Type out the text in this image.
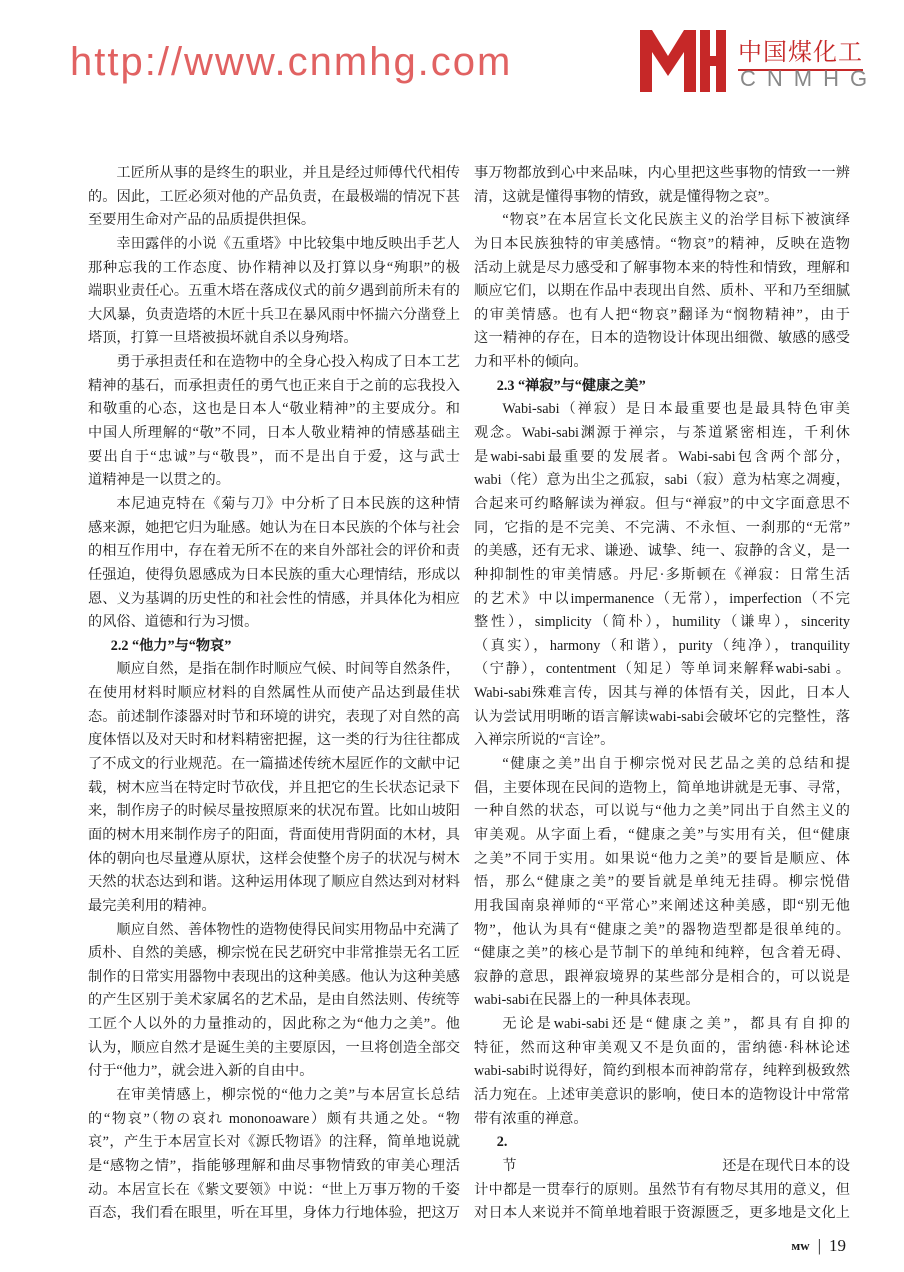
工匠所从事的是终生的职业，并且是经过师傅代代相传
的。因此，工匠必须对他的产品负责，在最极端的情况下甚
至要用生命对产品的品质提供担保。
幸田露伴的小说《五重塔》中比较集中地反映出手艺人
那种忘我的工作态度、协作精神以及打算以身“殉职”的极
端职业责任心。五重木塔在落成仪式的前夕遇到前所未有的
大风暴，负责造塔的木匠十兵卫在暴风雨中怀揣六分凿登上
塔顶，打算一旦塔被损坏就自杀以身殉塔。
勇于承担责任和在造物中的全身心投入构成了日本工艺
精神的基石，而承担责任的勇气也正来自于之前的忘我投入
和敬重的心态，这也是日本人“敬业精神”的主要成分。和
中国人所理解的“敬”不同，日本人敬业精神的情感基础主
要出自于“忠诚”与“敬畏”，而不是出自于爱，这与武士
道精神是一以贯之的。
本尼迪克特在《菊与刀》中分析了日本民族的这种情
感来源，她把它归为耻感。她认为在日本民族的个体与社会
的相互作用中，存在着无所不在的来自外部社会的评价和责
任强迫，使得负恩感成为日本民族的重大心理情结，形成以
恩、义为基调的历史性的和社会性的情感，并具体化为相应
的风俗、道德和行为习惯。
2.2 “他力”与“物哀”
顺应自然，是指在制作时顺应气候、时间等自然条件，
在使用材料时顺应材料的自然属性从而使产品达到最佳状
态。前述制作漆器对时节和环境的讲究，表现了对自然的高
度体悟以及对天时和材料精密把握，这一类的行为往往都成
了不成文的行业规范。在一篇描述传统木屋匠作的文献中记
载，树木应当在特定时节砍伐，并且把它的生长状态记录下
来，制作房子的时候尽量按照原来的状况布置。比如山坡阳
面的树木用来制作房子的阳面，背面使用背阴面的木材，具
体的朝向也尽量遵从原状，这样会使整个房子的状况与树木
天然的状态达到和谐。这种运用体现了顺应自然达到对材料
最完美利用的精神。
顺应自然、善体物性的造物使得民间实用物品中充满了
质朴、自然的美感，柳宗悦在民艺研究中非常推崇无名工匠
制作的日常实用器物中表现出的这种美感。他认为这种美感
的产生区别于美术家属名的艺术品，是由自然法则、传统等
工匠个人以外的力量推动的，因此称之为“他力之美”。他
认为，顺应自然才是诞生美的主要原因，一旦将创造全部交
付于“他力”，就会进入新的自由中。
在审美情感上，柳宗悦的“他力之美”与本居宣长总结
的“物哀”（物の哀れ mononoaware）颇有共通之处。“物
哀”，产生于本居宣长对《源氏物语》的注释，简单地说就
是“感物之情”，指能够理解和曲尽事物情致的审美心理活
动。本居宣长在《紫文要领》中说：“世上万事万物的千姿
百态，我们看在眼里，听在耳里，身体力行地体验，把这万
事万物都放到心中来品味，内心里把这些事物的情致一一辨
清，这就是懂得事物的情致，就是懂得物之哀”。
“物哀”在本居宣长文化民族主义的治学目标下被演绎
为日本民族独特的审美感情。“物哀”的精神，反映在造物
活动上就是尽力感受和了解事物本来的特性和情致，理解和
顺应它们，以期在作品中表现出自然、质朴、平和乃至细腻
的审美情感。也有人把“物哀”翻译为“悯物精神”，由于
这一精神的存在，日本的造物设计体现出细微、敏感的感受
力和平朴的倾向。
2.3 “禅寂”与“健康之美”
Wabi-sabi（禅寂）是日本最重要也是最具特色审美
观念。Wabi-sabi渊源于禅宗，与茶道紧密相连，千利休
是wabi-sabi最重要的发展者。Wabi-sabi包含两个部分，
wabi（侘）意为出尘之孤寂，sabi（寂）意为枯寒之凋瘦，
合起来可约略解读为禅寂。但与“禅寂”的中文字面意思不
同，它指的是不完美、不完满、不永恒、一刹那的“无常”
的美感，还有无求、谦逊、诚挚、纯一、寂静的含义，是一
种抑制性的审美情感。丹尼·多斯顿在《禅寂：日常生活
的艺术》中以impermanence（无常），imperfection（不完
整性），simplicity（简朴），humility（谦卑），sincerity
（真实），harmony（和谐），purity（纯净），tranquility
（宁静），contentment（知足）等单词来解释wabi-sabi 。
Wabi-sabi殊难言传，因其与禅的体悟有关，因此，日本人
认为尝试用明晰的语言解读wabi-sabi会破坏它的完整性，落
入禅宗所说的“言诠”。
“健康之美”出自于柳宗悦对民艺品之美的总结和提
倡，主要体现在民间的造物上，简单地讲就是无事、寻常，
一种自然的状态，可以说与“他力之美”同出于自然主义的
审美观。从字面上看，“健康之美”与实用有关，但“健康
之美”不同于实用。如果说“他力之美”的要旨是顺应、体
悟，那么“健康之美”的要旨就是单纯无挂碍。柳宗悦借
用我国南泉禅师的“平常心”来阐述这种美感，即“别无他
物”，他认为具有“健康之美”的器物造型都是很单纯的。
“健康之美”的核心是节制下的单纯和纯粹，包含着无碍、
寂静的意思，跟禅寂境界的某些部分是相合的，可以说是
wabi-sabi在民器上的一种具体表现。
无论是wabi-sabi还是“健康之美”，都具有自抑的
特征，然而这种审美观又不是负面的，雷纳德·科林论述
wabi-sabi时说得好，简约到根本而神韵常存，纯粹到极致然
活力宛在。上述审美意识的影响，使日本的造物设计中常常
带有浓重的禅意。
2.
节	还是在现代日本的设
计中都是一贯奉行的原则。虽然节有有物尽其用的意义，但
对日本人来说并不简单地着眼于资源匮乏，更多地是文化上
http://www.cnmhg.com	中国煤化工
CNMHG
ᴍᴡ | 19
